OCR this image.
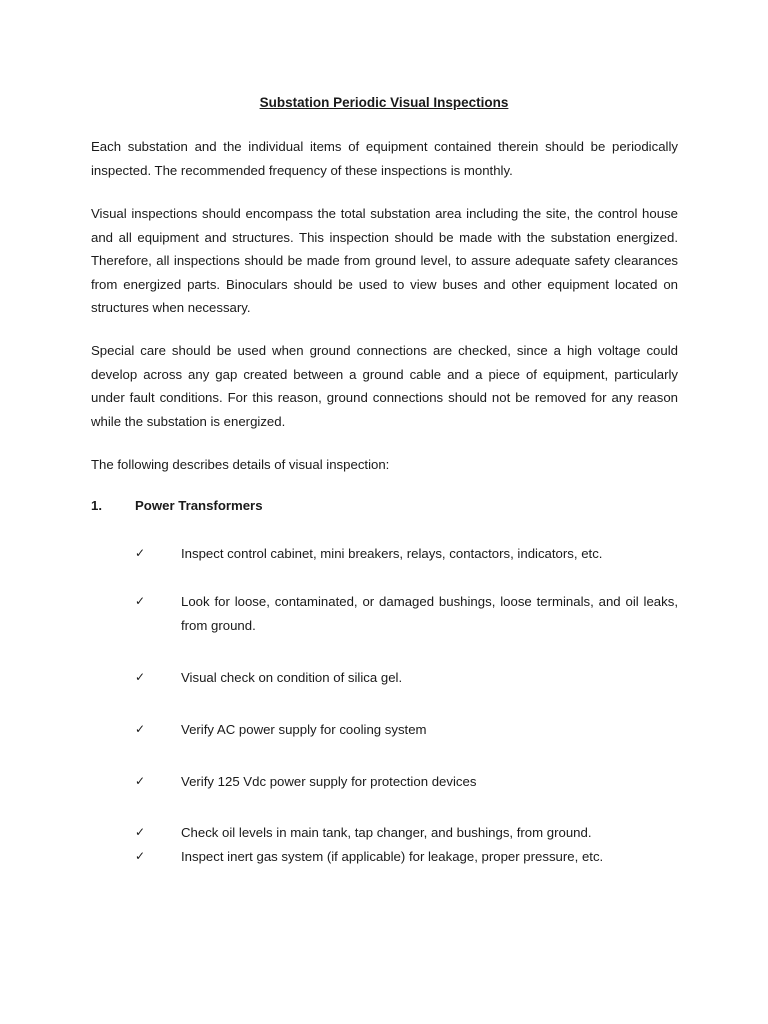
Substation Periodic Visual Inspections

Each substation and the individual items of equipment contained therein should be periodically inspected. The recommended frequency of these inspections is monthly.

Visual inspections should encompass the total substation area including the site, the control house and all equipment and structures. This inspection should be made with the substation energized. Therefore, all inspections should be made from ground level, to assure adequate safety clearances from energized parts. Binoculars should be used to view buses and other equipment located on structures when necessary.

Special care should be used when ground connections are checked, since a high voltage could develop across any gap created between a ground cable and a piece of equipment, particularly under fault conditions. For this reason, ground connections should not be removed for any reason while the substation is energized.

The following describes details of visual inspection:

1.	Power Transformers
✓	Inspect control cabinet, mini breakers, relays, contactors, indicators, etc.

✓	Look for loose, contaminated, or damaged bushings, loose terminals, and oil leaks, from ground.

✓	Visual check on condition of silica gel.

✓	Verify AC power supply for cooling system

✓	Verify 125 Vdc power supply for protection devices

✓	Check oil levels in main tank, tap changer, and bushings, from ground.

✓	Inspect inert gas system (if applicable) for leakage, proper pressure, etc.
